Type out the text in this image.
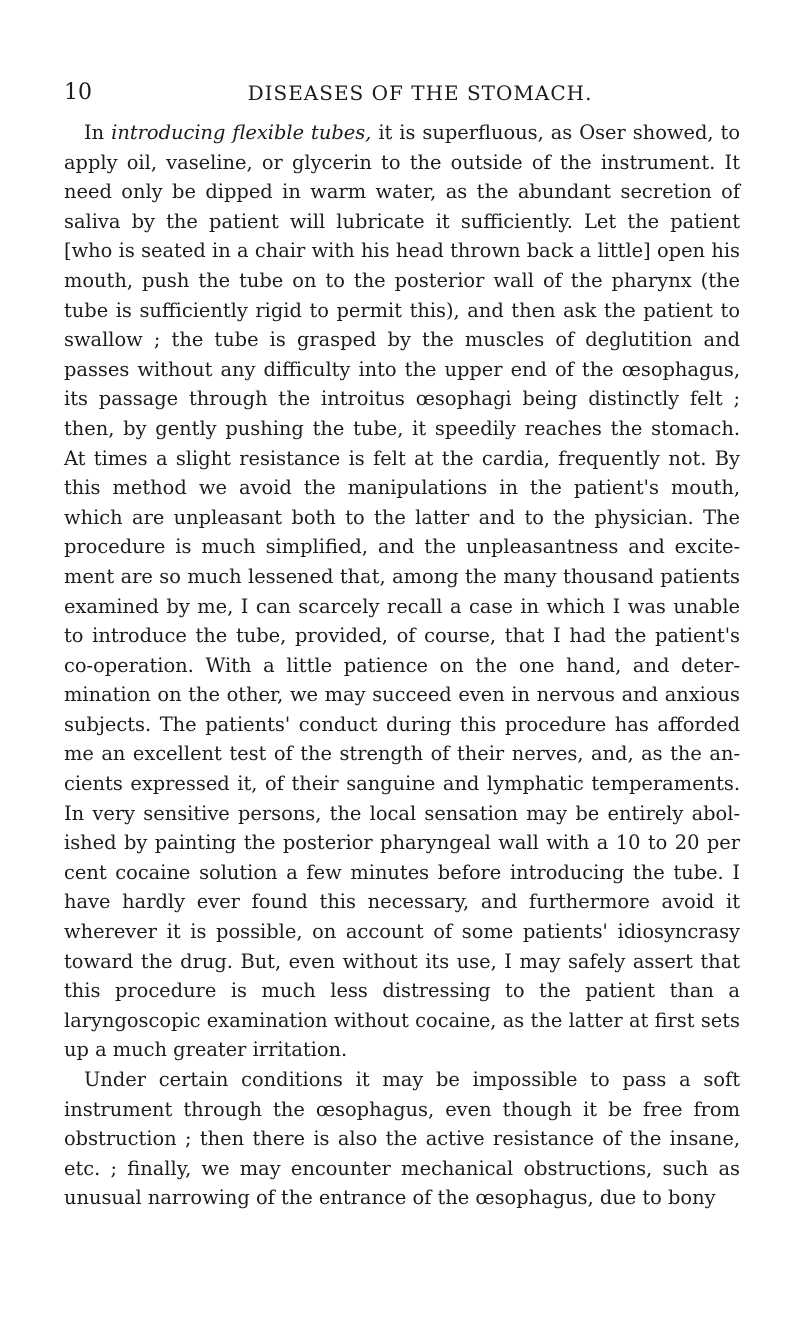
10	DISEASES OF THE STOMACH.

In introducing flexible tubes, it is superfluous, as Oser showed, to apply oil, vaseline, or glycerin to the outside of the instrument. It need only be dipped in warm water, as the abundant secretion of saliva by the patient will lubricate it sufficiently. Let the patient [who is seated in a chair with his head thrown back a little] open his mouth, push the tube on to the posterior wall of the pharynx (the tube is sufficiently rigid to permit this), and then ask the patient to swallow ; the tube is grasped by the muscles of deglutition and passes without any difficulty into the upper end of the œsophagus, its passage through the introitus œsophagi being distinctly felt ; then, by gently pushing the tube, it speedily reaches the stomach. At times a slight resistance is felt at the cardia, frequently not. By this method we avoid the manipulations in the patient's mouth, which are unpleasant both to the latter and to the physician. The procedure is much simplified, and the unpleasantness and excitement are so much lessened that, among the many thousand patients examined by me, I can scarcely recall a case in which I was unable to introduce the tube, provided, of course, that I had the patient's co-operation. With a little patience on the one hand, and determination on the other, we may succeed even in nervous and anxious subjects. The patients' conduct during this procedure has afforded me an excellent test of the strength of their nerves, and, as the ancients expressed it, of their sanguine and lymphatic temperaments. In very sensitive persons, the local sensation may be entirely abolished by painting the posterior pharyngeal wall with a 10 to 20 per cent cocaine solution a few minutes before introducing the tube. I have hardly ever found this necessary, and furthermore avoid it wherever it is possible, on account of some patients' idiosyncrasy toward the drug. But, even without its use, I may safely assert that this procedure is much less distressing to the patient than a laryngoscopic examination without cocaine, as the latter at first sets up a much greater irritation.

Under certain conditions it may be impossible to pass a soft instrument through the œsophagus, even though it be free from obstruction ; then there is also the active resistance of the insane, etc. ; finally, we may encounter mechanical obstructions, such as unusual narrowing of the entrance of the œsophagus, due to bony
